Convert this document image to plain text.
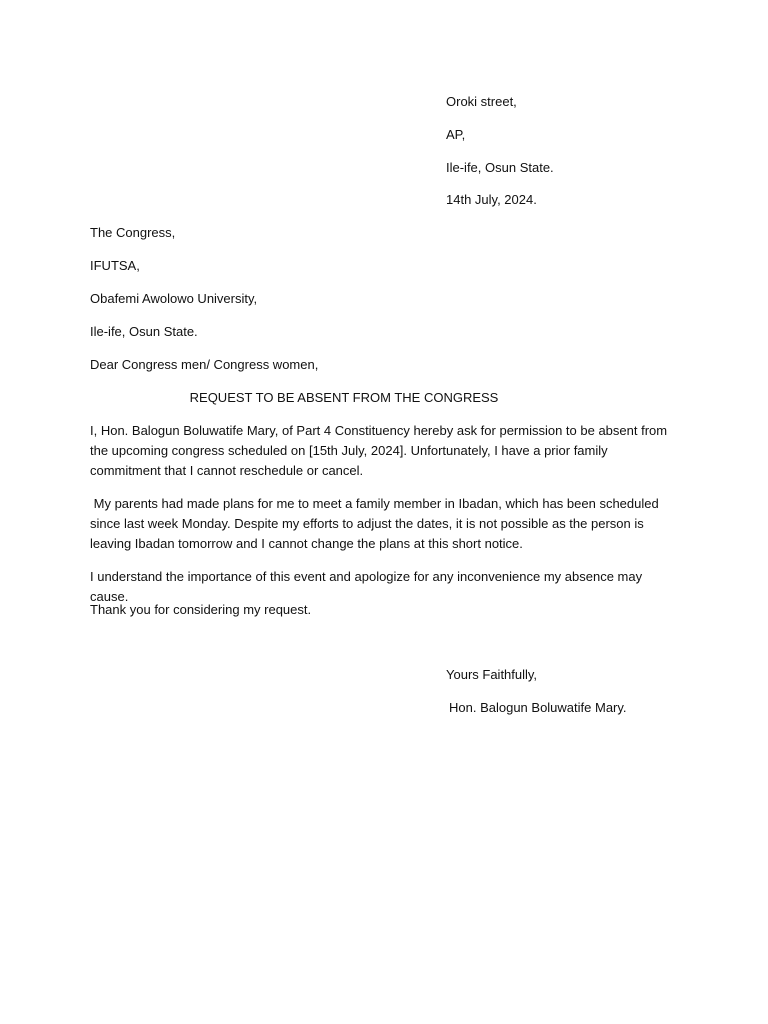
Oroki street,
AP,
Ile-ife, Osun State.
14th July, 2024.
The Congress,
IFUTSA,
Obafemi Awolowo University,
Ile-ife, Osun State.
Dear Congress men/ Congress women,
REQUEST TO BE ABSENT FROM THE CONGRESS
I, Hon. Balogun Boluwatife Mary, of Part 4 Constituency hereby ask for permission to be absent from the upcoming congress scheduled on [15th July, 2024]. Unfortunately, I have a prior family commitment that I cannot reschedule or cancel.
My parents had made plans for me to meet a family member in Ibadan, which has been scheduled since last week Monday. Despite my efforts to adjust the dates, it is not possible as the person is leaving Ibadan tomorrow and I cannot change the plans at this short notice.
I understand the importance of this event and apologize for any inconvenience my absence may cause.
Thank you for considering my request.
Yours Faithfully,
Hon. Balogun Boluwatife Mary.
